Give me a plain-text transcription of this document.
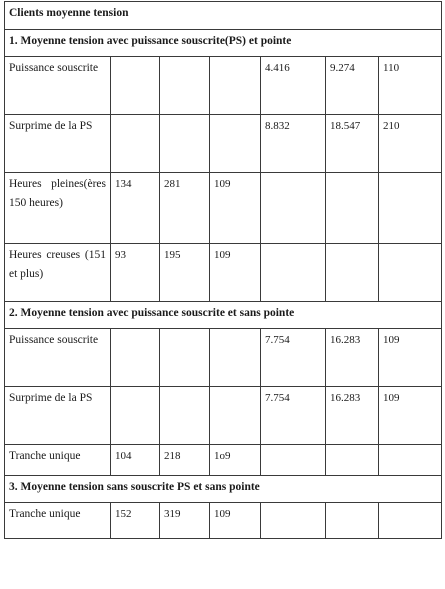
Clients moyenne tension						
1. Moyenne tension avec puissance souscrite(PS) et pointe						
Puissance souscrite				4.416	9.274	110
Surprime de la PS				8.832	18.547	210
Heures pleines(ères 150 heures)	134	281	109			
Heures creuses (151 et plus)	93	195	109			
2. Moyenne tension avec puissance souscrite et sans pointe						
Puissance souscrite				7.754	16.283	109
Surprime de la PS				7.754	16.283	109
Tranche unique	104	218	1o9			
3. Moyenne tension sans souscrite PS et sans pointe						
Tranche unique	152	319	109			
